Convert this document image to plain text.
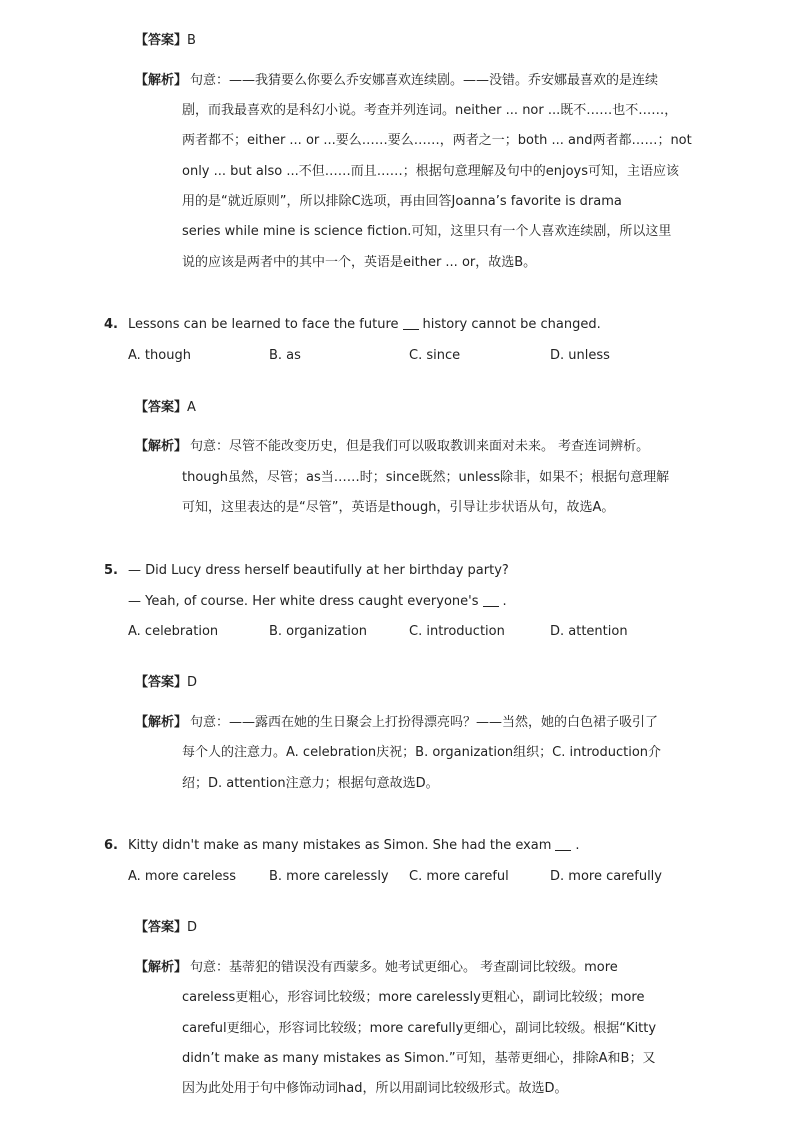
【答案】B
【解析】 句意：——我猜要么你要么乔安娜喜欢连续剧。——没错。乔安娜最喜欢的是连续
剧，而我最喜欢的是科幻小说。考查并列连词。neither ... nor ...既不……也不……，
两者都不；either ... or ...要么……要么……，两者之一；both ... and两者都……；not
only ... but also ...不但……而且……；根据句意理解及句中的enjoys可知，主语应该
用的是“就近原则”，所以排除C选项，再由回答Joanna’s favorite is drama
series while mine is science fiction.可知，这里只有一个人喜欢连续剧，所以这里
说的应该是两者中的其中一个，英语是either ... or，故选B。
4. Lessons can be learned to face the future history cannot be changed.
A. though	B. as	C. since	D. unless
【答案】A
【解析】 句意：尽管不能改变历史，但是我们可以吸取教训来面对未来。 考查连词辨析。
though虽然，尽管；as当……时；since既然；unless除非，如果不；根据句意理解
可知，这里表达的是“尽管”，英语是though，引导让步状语从句，故选A。
5. — Did Lucy dress herself beautifully at her birthday party?
— Yeah, of course. Her white dress caught everyone's .
A. celebration	B. organization	C. introduction	D. attention
【答案】D
【解析】 句意：——露西在她的生日聚会上打扮得漂亮吗？——当然，她的白色裙子吸引了
每个人的注意力。A. celebration庆祝；B. organization组织；C. introduction介
绍；D. attention注意力；根据句意故选D。
6. Kitty didn't make as many mistakes as Simon. She had the exam .
A. more careless	B. more carelessly C. more careful	D. more carefully
【答案】D
【解析】 句意：基蒂犯的错误没有西蒙多。她考试更细心。 考查副词比较级。more
careless更粗心，形容词比较级；more carelessly更粗心，副词比较级；more
careful更细心，形容词比较级；more carefully更细心，副词比较级。根据“Kitty
didn’t make as many mistakes as Simon.”可知，基蒂更细心，排除A和B；又
因为此处用于句中修饰动词had，所以用副词比较级形式。故选D。
